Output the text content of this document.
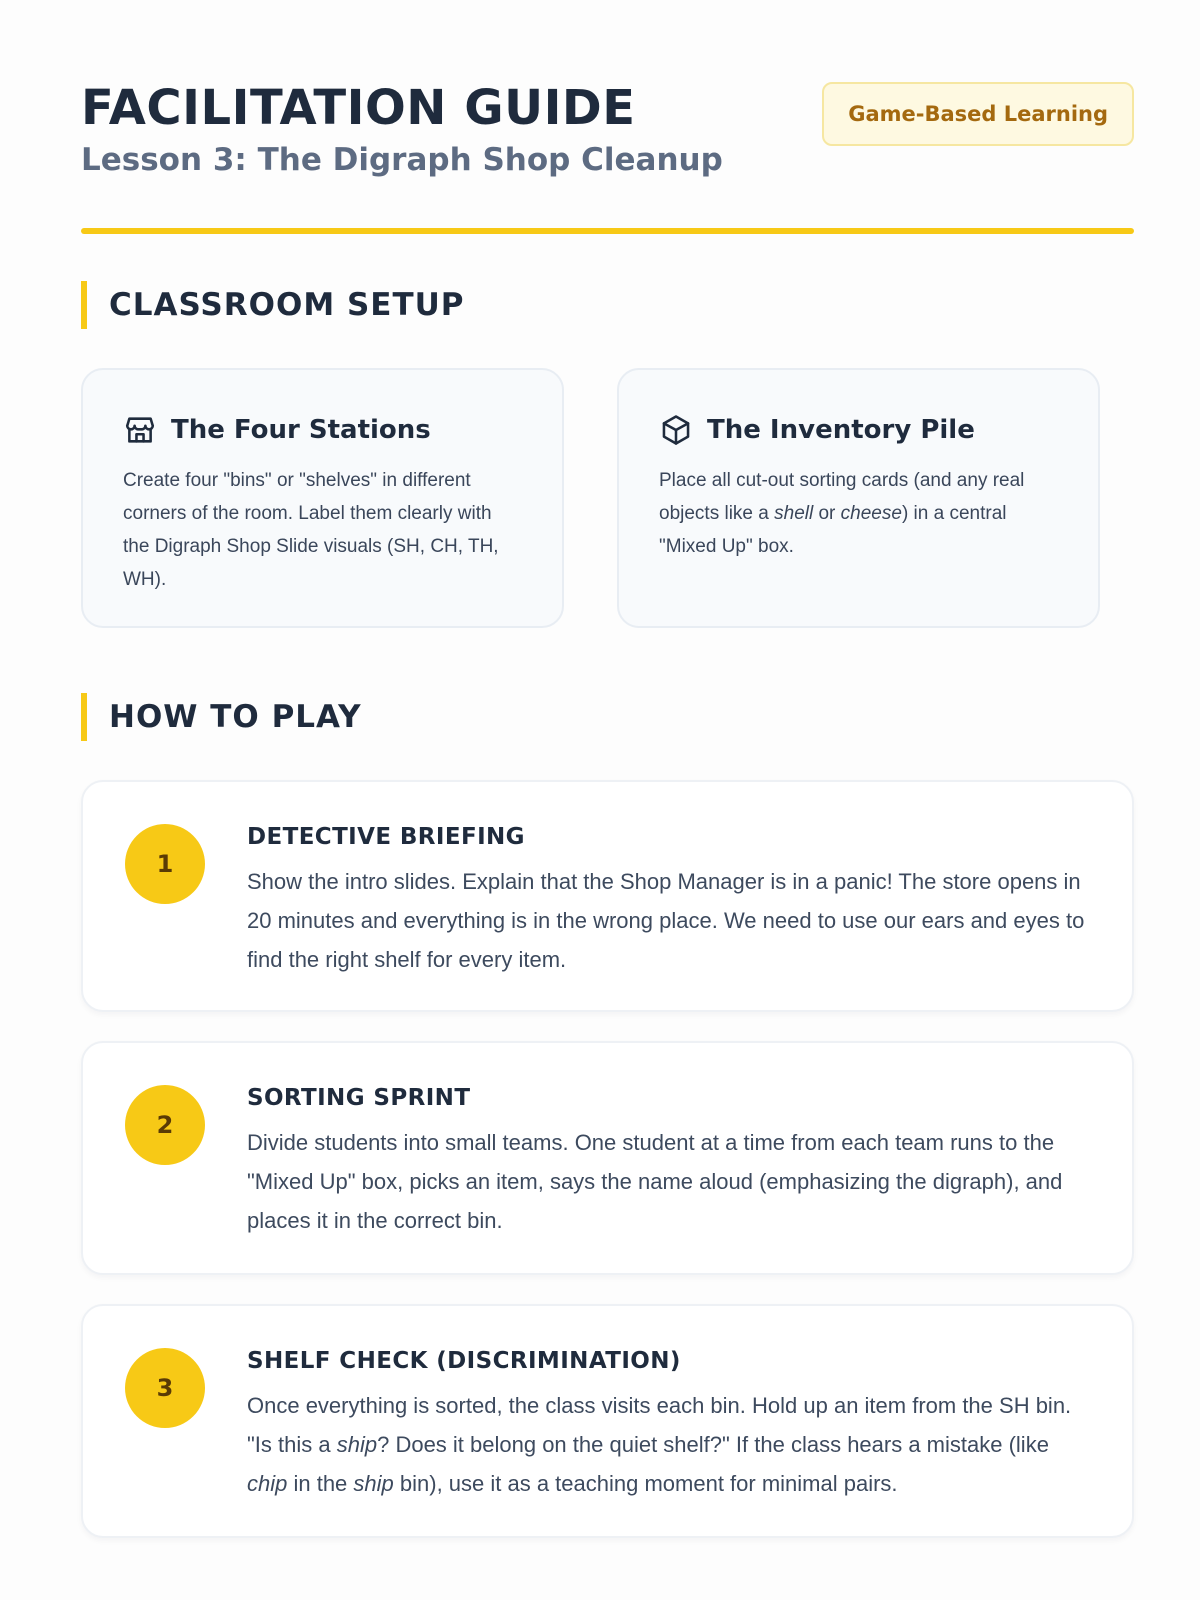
FACILITATION GUIDE
Lesson 3: The Digraph Shop Cleanup
Game-Based Learning
CLASSROOM SETUP
The Four Stations
Create four "bins" or "shelves" in different corners of the room. Label them clearly with the Digraph Shop Slide visuals (SH, CH, TH, WH).
The Inventory Pile
Place all cut-out sorting cards (and any real objects like a shell or cheese) in a central "Mixed Up" box.
HOW TO PLAY
1
DETECTIVE BRIEFING
Show the intro slides. Explain that the Shop Manager is in a panic! The store opens in 20 minutes and everything is in the wrong place. We need to use our ears and eyes to find the right shelf for every item.
2
SORTING SPRINT
Divide students into small teams. One student at a time from each team runs to the "Mixed Up" box, picks an item, says the name aloud (emphasizing the digraph), and places it in the correct bin.
3
SHELF CHECK (DISCRIMINATION)
Once everything is sorted, the class visits each bin. Hold up an item from the SH bin. "Is this a ship? Does it belong on the quiet shelf?" If the class hears a mistake (like chip in the ship bin), use it as a teaching moment for minimal pairs.
